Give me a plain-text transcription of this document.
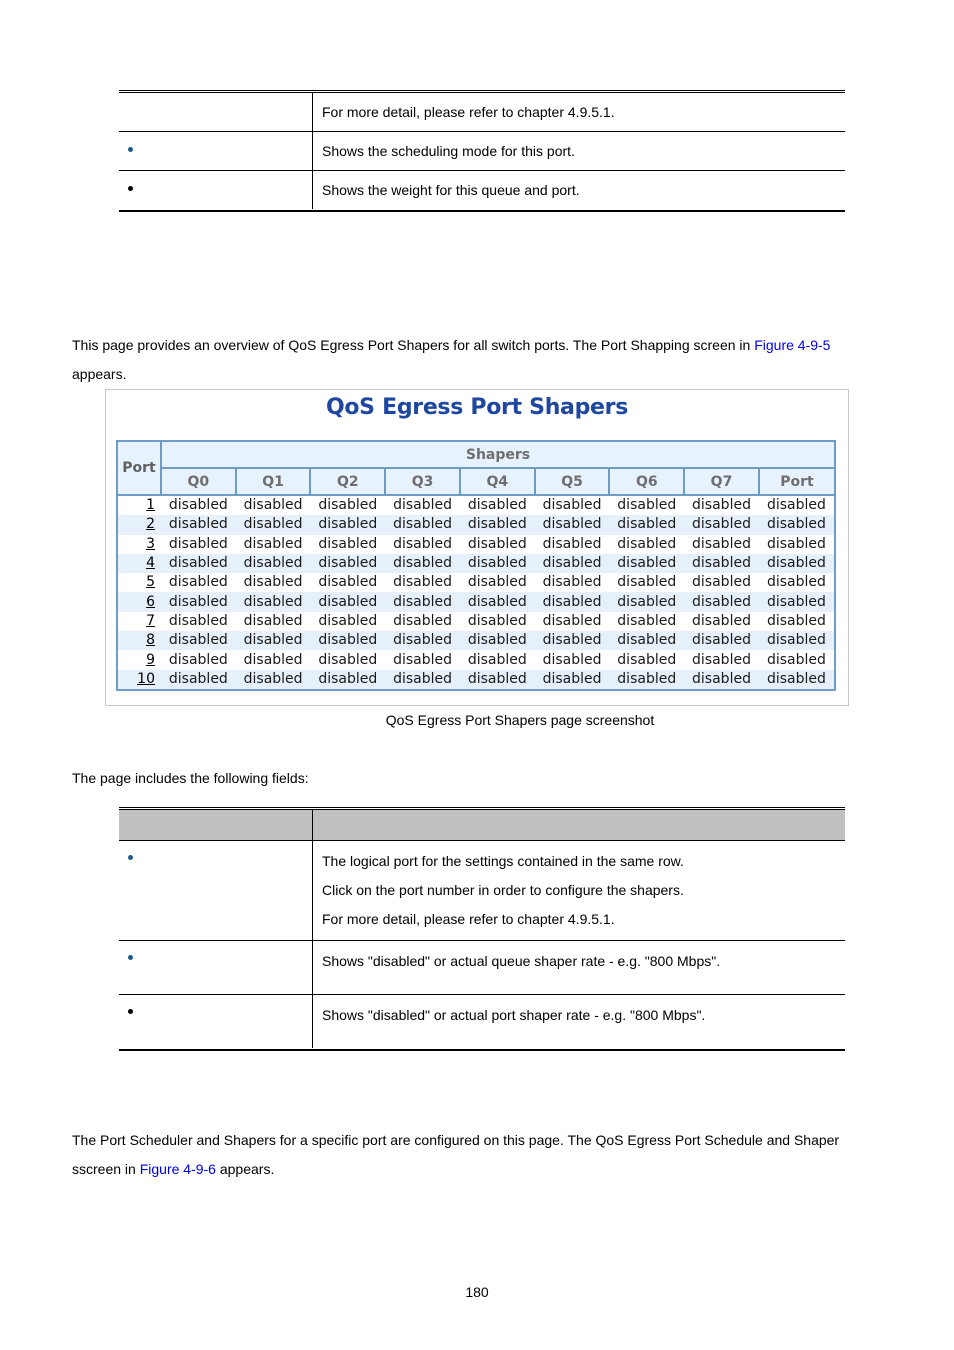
	For more detail, please refer to chapter 4.9.5.1.

	Shows the scheduling mode for this port.

	Shows the weight for this queue and port.

This page provides an overview of QoS Egress Port Shapers for all switch ports. The Port Shapping screen in Figure 4-9-5
appears.

QoS Egress Port Shapers
Port	Shapers								
	Q0	Q1	Q2	Q3	Q4	Q5	Q6	Q7	Port
1	disabled	disabled	disabled	disabled	disabled	disabled	disabled	disabled	disabled
2	disabled	disabled	disabled	disabled	disabled	disabled	disabled	disabled	disabled
3	disabled	disabled	disabled	disabled	disabled	disabled	disabled	disabled	disabled
4	disabled	disabled	disabled	disabled	disabled	disabled	disabled	disabled	disabled
5	disabled	disabled	disabled	disabled	disabled	disabled	disabled	disabled	disabled
6	disabled	disabled	disabled	disabled	disabled	disabled	disabled	disabled	disabled
7	disabled	disabled	disabled	disabled	disabled	disabled	disabled	disabled	disabled
8	disabled	disabled	disabled	disabled	disabled	disabled	disabled	disabled	disabled
9	disabled	disabled	disabled	disabled	disabled	disabled	disabled	disabled	disabled
10	disabled	disabled	disabled	disabled	disabled	disabled	disabled	disabled	disabled
QoS Egress Port Shapers page screenshot
The page includes the following fields:

	The logical port for the settings contained in the same row.
Click on the port number in order to configure the shapers.
For more detail, please refer to chapter 4.9.5.1.

	Shows "disabled" or actual queue shaper rate - e.g. "800 Mbps".

	Shows "disabled" or actual port shaper rate - e.g. "800 Mbps".

The Port Scheduler and Shapers for a specific port are configured on this page. The QoS Egress Port Schedule and Shaper sscreen in Figure 4-9-6 appears.

180
